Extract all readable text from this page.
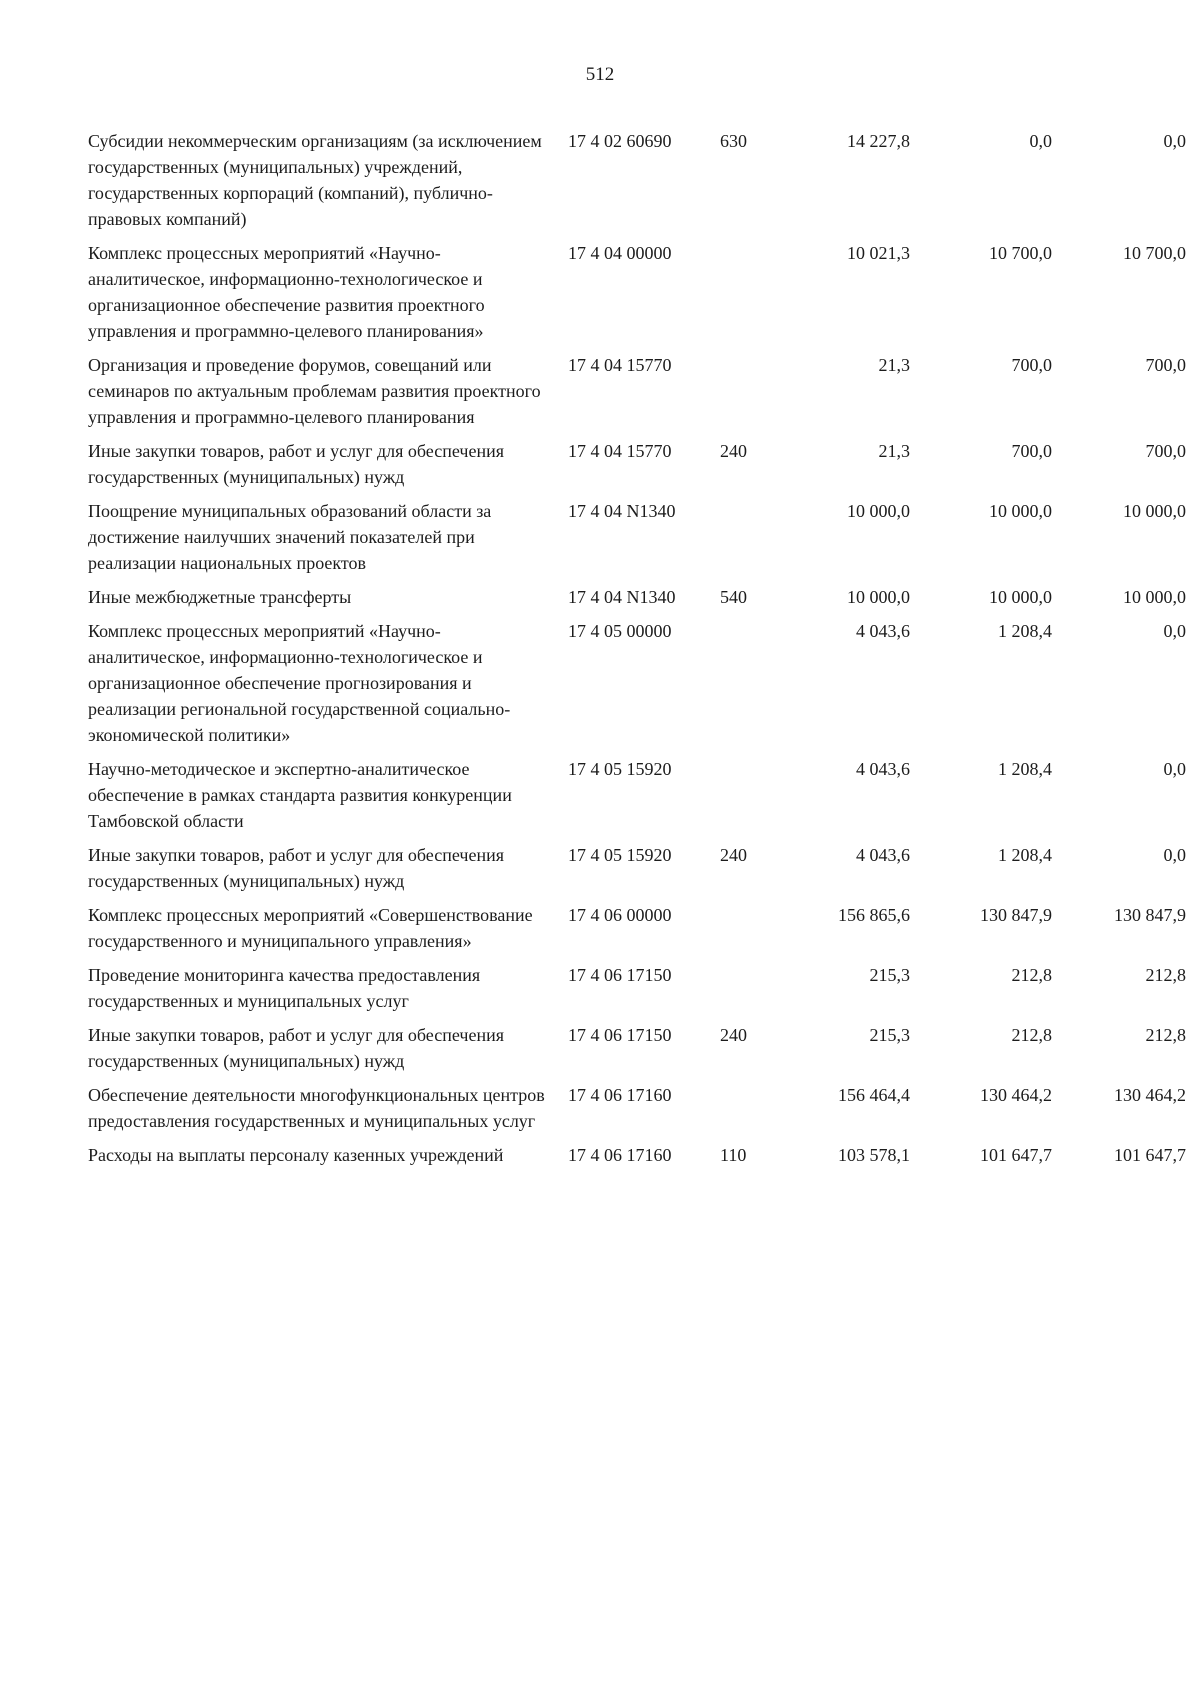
512
Субсидии некоммерческим организациям (за исключением государственных (муниципальных) учреждений, государственных корпораций (компаний), публично-правовых компаний)	17 4 02 60690	630	14 227,8	0,0	0,0
Комплекс процессных мероприятий «Научно-аналитическое, информационно-технологическое и организационное обеспечение развития проектного управления и программно-целевого планирования»	17 4 04 00000		10 021,3	10 700,0	10 700,0
Организация и проведение форумов, совещаний или семинаров по актуальным проблемам развития проектного управления и программно-целевого планирования	17 4 04 15770		21,3	700,0	700,0
Иные закупки товаров, работ и услуг для обеспечения государственных (муниципальных) нужд	17 4 04 15770	240	21,3	700,0	700,0
Поощрение муниципальных образований области за достижение наилучших значений показателей при реализации национальных проектов	17 4 04 N1340		10 000,0	10 000,0	10 000,0
Иные межбюджетные трансферты	17 4 04 N1340	540	10 000,0	10 000,0	10 000,0
Комплекс процессных мероприятий «Научно-аналитическое, информационно-технологическое и организационное обеспечение прогнозирования и реализации региональной государственной социально-экономической политики»	17 4 05 00000		4 043,6	1 208,4	0,0
Научно-методическое и экспертно-аналитическое обеспечение в рамках стандарта развития конкуренции Тамбовской области	17 4 05 15920		4 043,6	1 208,4	0,0
Иные закупки товаров, работ и услуг для обеспечения государственных (муниципальных) нужд	17 4 05 15920	240	4 043,6	1 208,4	0,0
Комплекс процессных мероприятий «Совершенствование государственного и муниципального управления»	17 4 06 00000		156 865,6	130 847,9	130 847,9
Проведение мониторинга качества предоставления государственных и муниципальных услуг	17 4 06 17150		215,3	212,8	212,8
Иные закупки товаров, работ и услуг для обеспечения государственных (муниципальных) нужд	17 4 06 17150	240	215,3	212,8	212,8
Обеспечение деятельности многофункциональных центров предоставления государственных и муниципальных услуг	17 4 06 17160		156 464,4	130 464,2	130 464,2
Расходы на выплаты персоналу казенных учреждений	17 4 06 17160	110	103 578,1	101 647,7	101 647,7
